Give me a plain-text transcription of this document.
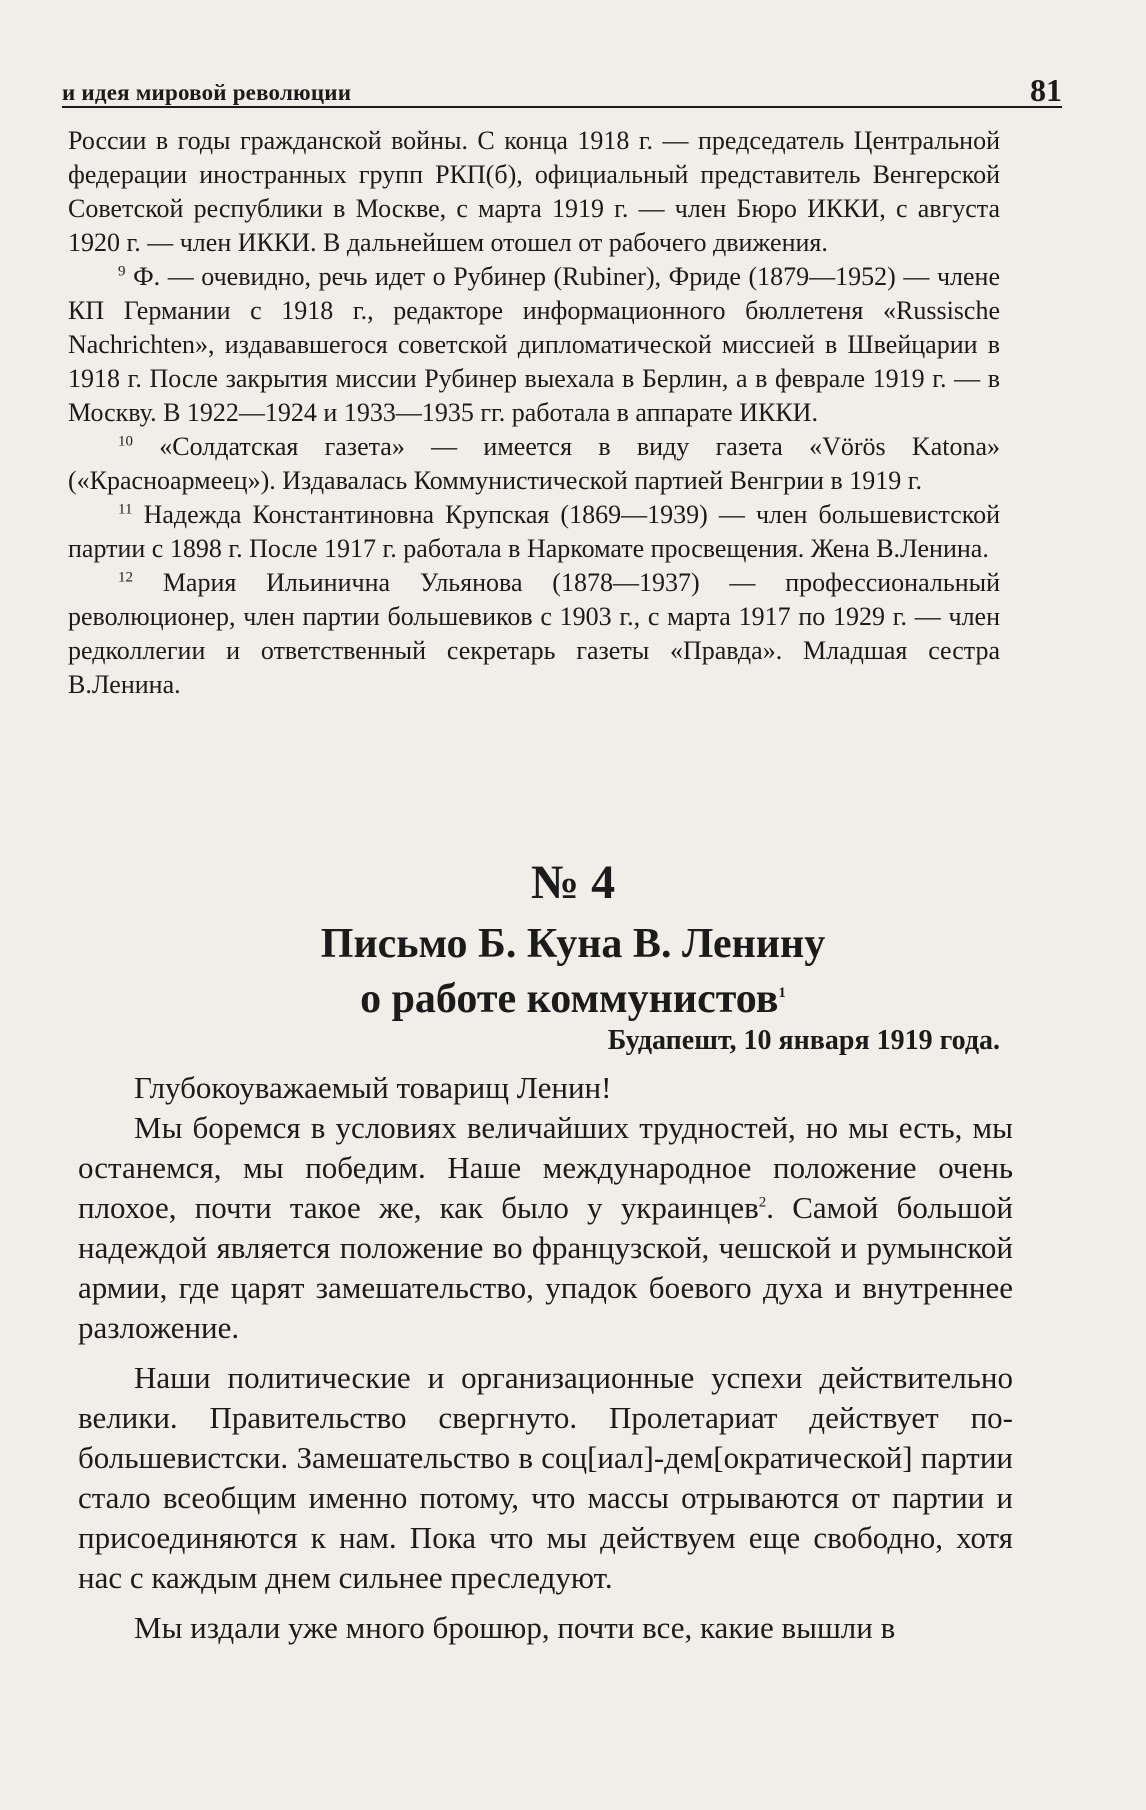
и идея мировой революции	81

России в годы гражданской войны. С конца 1918 г. — председатель Центральной федерации иностранных групп РКП(б), официальный представитель Венгерской Советской республики в Москве, с марта 1919 г. — член Бюро ИККИ, с августа 1920 г. — член ИККИ. В дальнейшем отошел от рабочего движения.

$^9$ Ф. — очевидно, речь идет о Рубинер (Rubiner), Фриде (1879—1952) — члене КП Германии с 1918 г., редакторе информационного бюллетеня «Russische Nachrichten», издававшегося советской дипломатической миссией в Швейцарии в 1918 г. После закрытия миссии Рубинер выехала в Берлин, а в феврале 1919 г. — в Москву. В 1922—1924 и 1933—1935 гг. работала в аппарате ИККИ.

$^{10}$ «Солдатская газета» — имеется в виду газета «Vörös Katona» («Красноармеец»). Издавалась Коммунистической партией Венгрии в 1919 г.

$^{11}$ Надежда Константиновна Крупская (1869—1939) — член большевистской партии с 1898 г. После 1917 г. работала в Наркомате просвещения. Жена В.Ленина.

$^{12}$ Мария Ильинична Ульянова (1878—1937) — профессиональный революционер, член партии большевиков с 1903 г., с марта 1917 по 1929 г. — член редколлегии и ответственный секретарь газеты «Правда». Младшая сестра В.Ленина.

№ 4
Письмо Б. Куна В. Ленину
о работе коммунистов$^1$
Будапешт, 10 января 1919 года.

Глубокоуважаемый товарищ Ленин!

Мы боремся в условиях величайших трудностей, но мы есть, мы останемся, мы победим. Наше международное положение очень плохое, почти такое же, как было у украинцев$^2$. Самой большой надеждой является положение во французской, чешской и румынской армии, где царят замешательство, упадок боевого духа и внутреннее разложение.

Наши политические и организационные успехи действительно велики. Правительство свергнуто. Пролетариат действует по-большевистски. Замешательство в соц[иал]-дем[ократической] партии стало всеобщим именно потому, что массы отрываются от партии и присоединяются к нам. Пока что мы действуем еще свободно, хотя нас с каждым днем сильнее преследуют.

Мы издали уже много брошюр, почти все, какие вышли в
